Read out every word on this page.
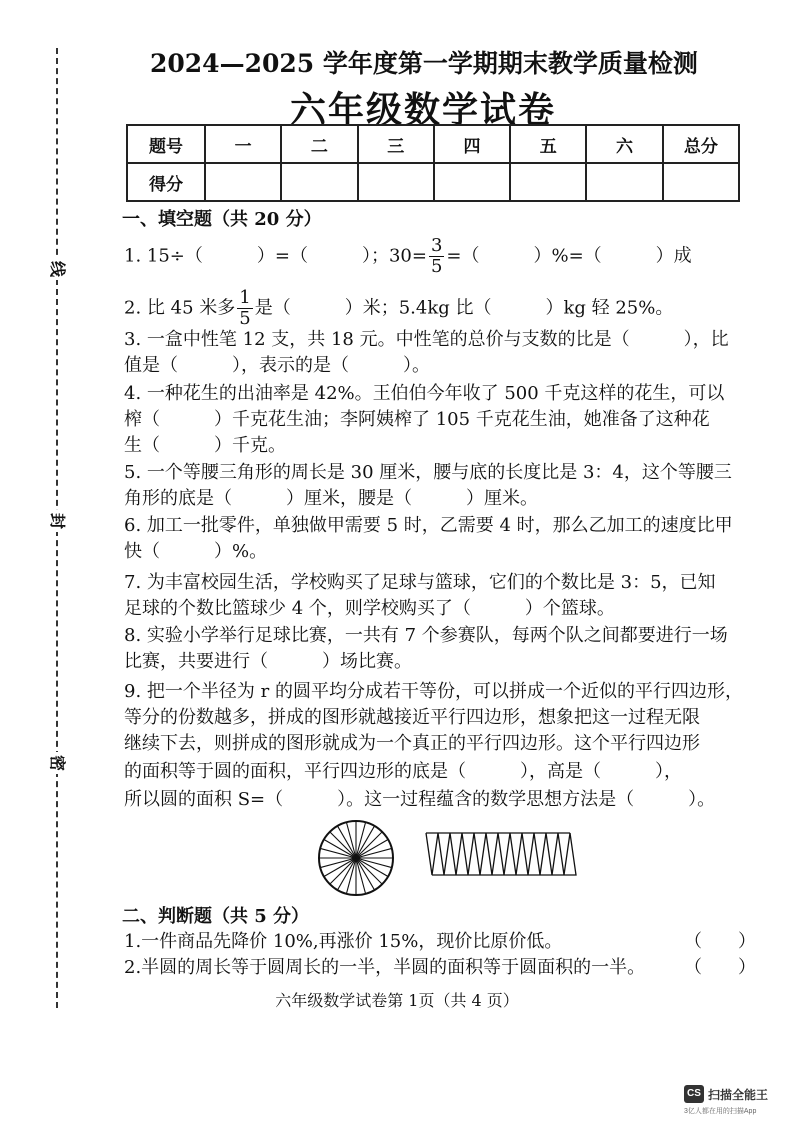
线
封
密
2024—2025 学年度第一学期期末教学质量检测
六年级数学试卷
题号	一	二	三	四	五	六	总分
得分							
一、填空题（共 20 分）
1. 15÷（　　　）=（　　　）；$30= \frac{3}{5}$ =（　　　）%=（　　　）成
2. 比 45 米多 $\frac{1}{5}$ 是（　　　）米；5.4kg 比（　　　）kg 轻 25%。
3. 一盒中性笔 12 支，共 18 元。中性笔的总价与支数的比是（　　　），比
值是（　　　），表示的是（　　　）。
4. 一种花生的出油率是 42%。王伯伯今年收了 500 千克这样的花生，可以
榨（　　　）千克花生油；李阿姨榨了 105 千克花生油，她准备了这种花
生（　　　）千克。
5. 一个等腰三角形的周长是 30 厘米，腰与底的长度比是 3：4，这个等腰三
角形的底是（　　　）厘米，腰是（　　　）厘米。
6. 加工一批零件，单独做甲需要 5 时，乙需要 4 时，那么乙加工的速度比甲
快（　　　）%。
7. 为丰富校园生活，学校购买了足球与篮球，它们的个数比是 3：5，已知
足球的个数比篮球少 4 个，则学校购买了（　　　）个篮球。
8. 实验小学举行足球比赛，一共有 7 个参赛队，每两个队之间都要进行一场
比赛，共要进行（　　　）场比赛。
9. 把一个半径为 r 的圆平均分成若干等份，可以拼成一个近似的平行四边形，
等分的份数越多，拼成的图形就越接近平行四边形，想象把这一过程无限
继续下去，则拼成的图形就成为一个真正的平行四边形。这个平行四边形
的面积等于圆的面积，平行四边形的底是（　　　），高是（　　　），
所以圆的面积 S=（　　　）。这一过程蕴含的数学思想方法是（　　　）。
二、判断题（共 5 分）
1.一件商品先降价 10%,再涨价 15%，现价比原价低。	（　　）
2.半圆的周长等于圆周长的一半，半圆的面积等于圆面积的一半。 （　　）
六年级数学试卷第 1页（共 4 页）
CS 扫描全能王
3亿人都在用的扫描App
